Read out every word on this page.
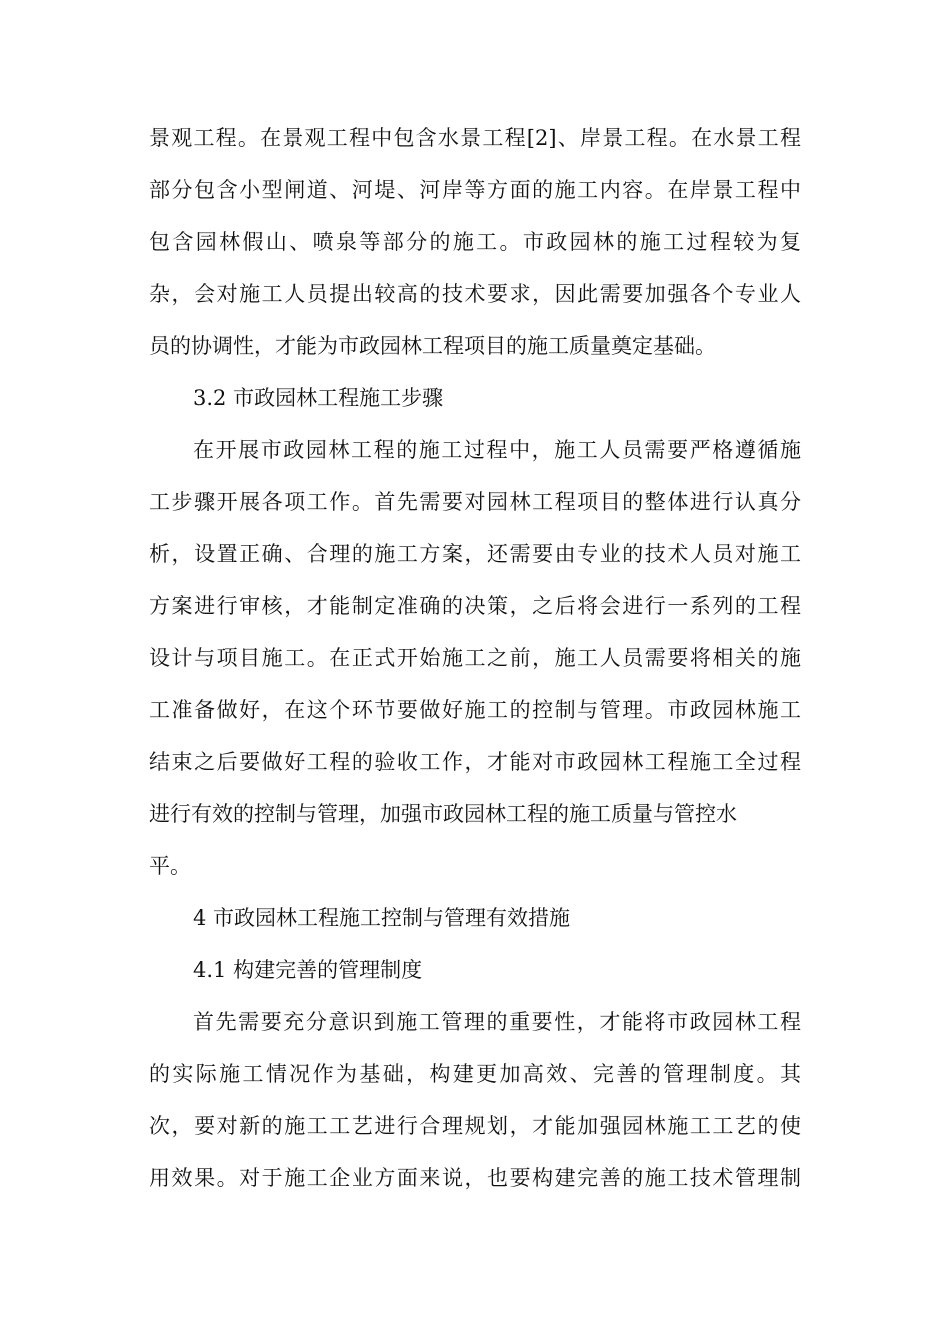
景观工程。在景观工程中包含水景工程[2]、岸景工程。在水景工程
部分包含小型闸道、河堤、河岸等方面的施工内容。在岸景工程中
包含园林假山、喷泉等部分的施工。市政园林的施工过程较为复
杂，会对施工人员提出较高的技术要求，因此需要加强各个专业人
员的协调性，才能为市政园林工程项目的施工质量奠定基础。
3.2 市政园林工程施工步骤
在开展市政园林工程的施工过程中，施工人员需要严格遵循施
工步骤开展各项工作。首先需要对园林工程项目的整体进行认真分
析，设置正确、合理的施工方案，还需要由专业的技术人员对施工
方案进行审核，才能制定准确的决策，之后将会进行一系列的工程
设计与项目施工。在正式开始施工之前，施工人员需要将相关的施
工准备做好，在这个环节要做好施工的控制与管理。市政园林施工
结束之后要做好工程的验收工作，才能对市政园林工程施工全过程
进行有效的控制与管理，加强市政园林工程的施工质量与管控水
平。
4 市政园林工程施工控制与管理有效措施
4.1 构建完善的管理制度
首先需要充分意识到施工管理的重要性，才能将市政园林工程
的实际施工情况作为基础，构建更加高效、完善的管理制度。其
次，要对新的施工工艺进行合理规划，才能加强园林施工工艺的使
用效果。对于施工企业方面来说，也要构建完善的施工技术管理制
